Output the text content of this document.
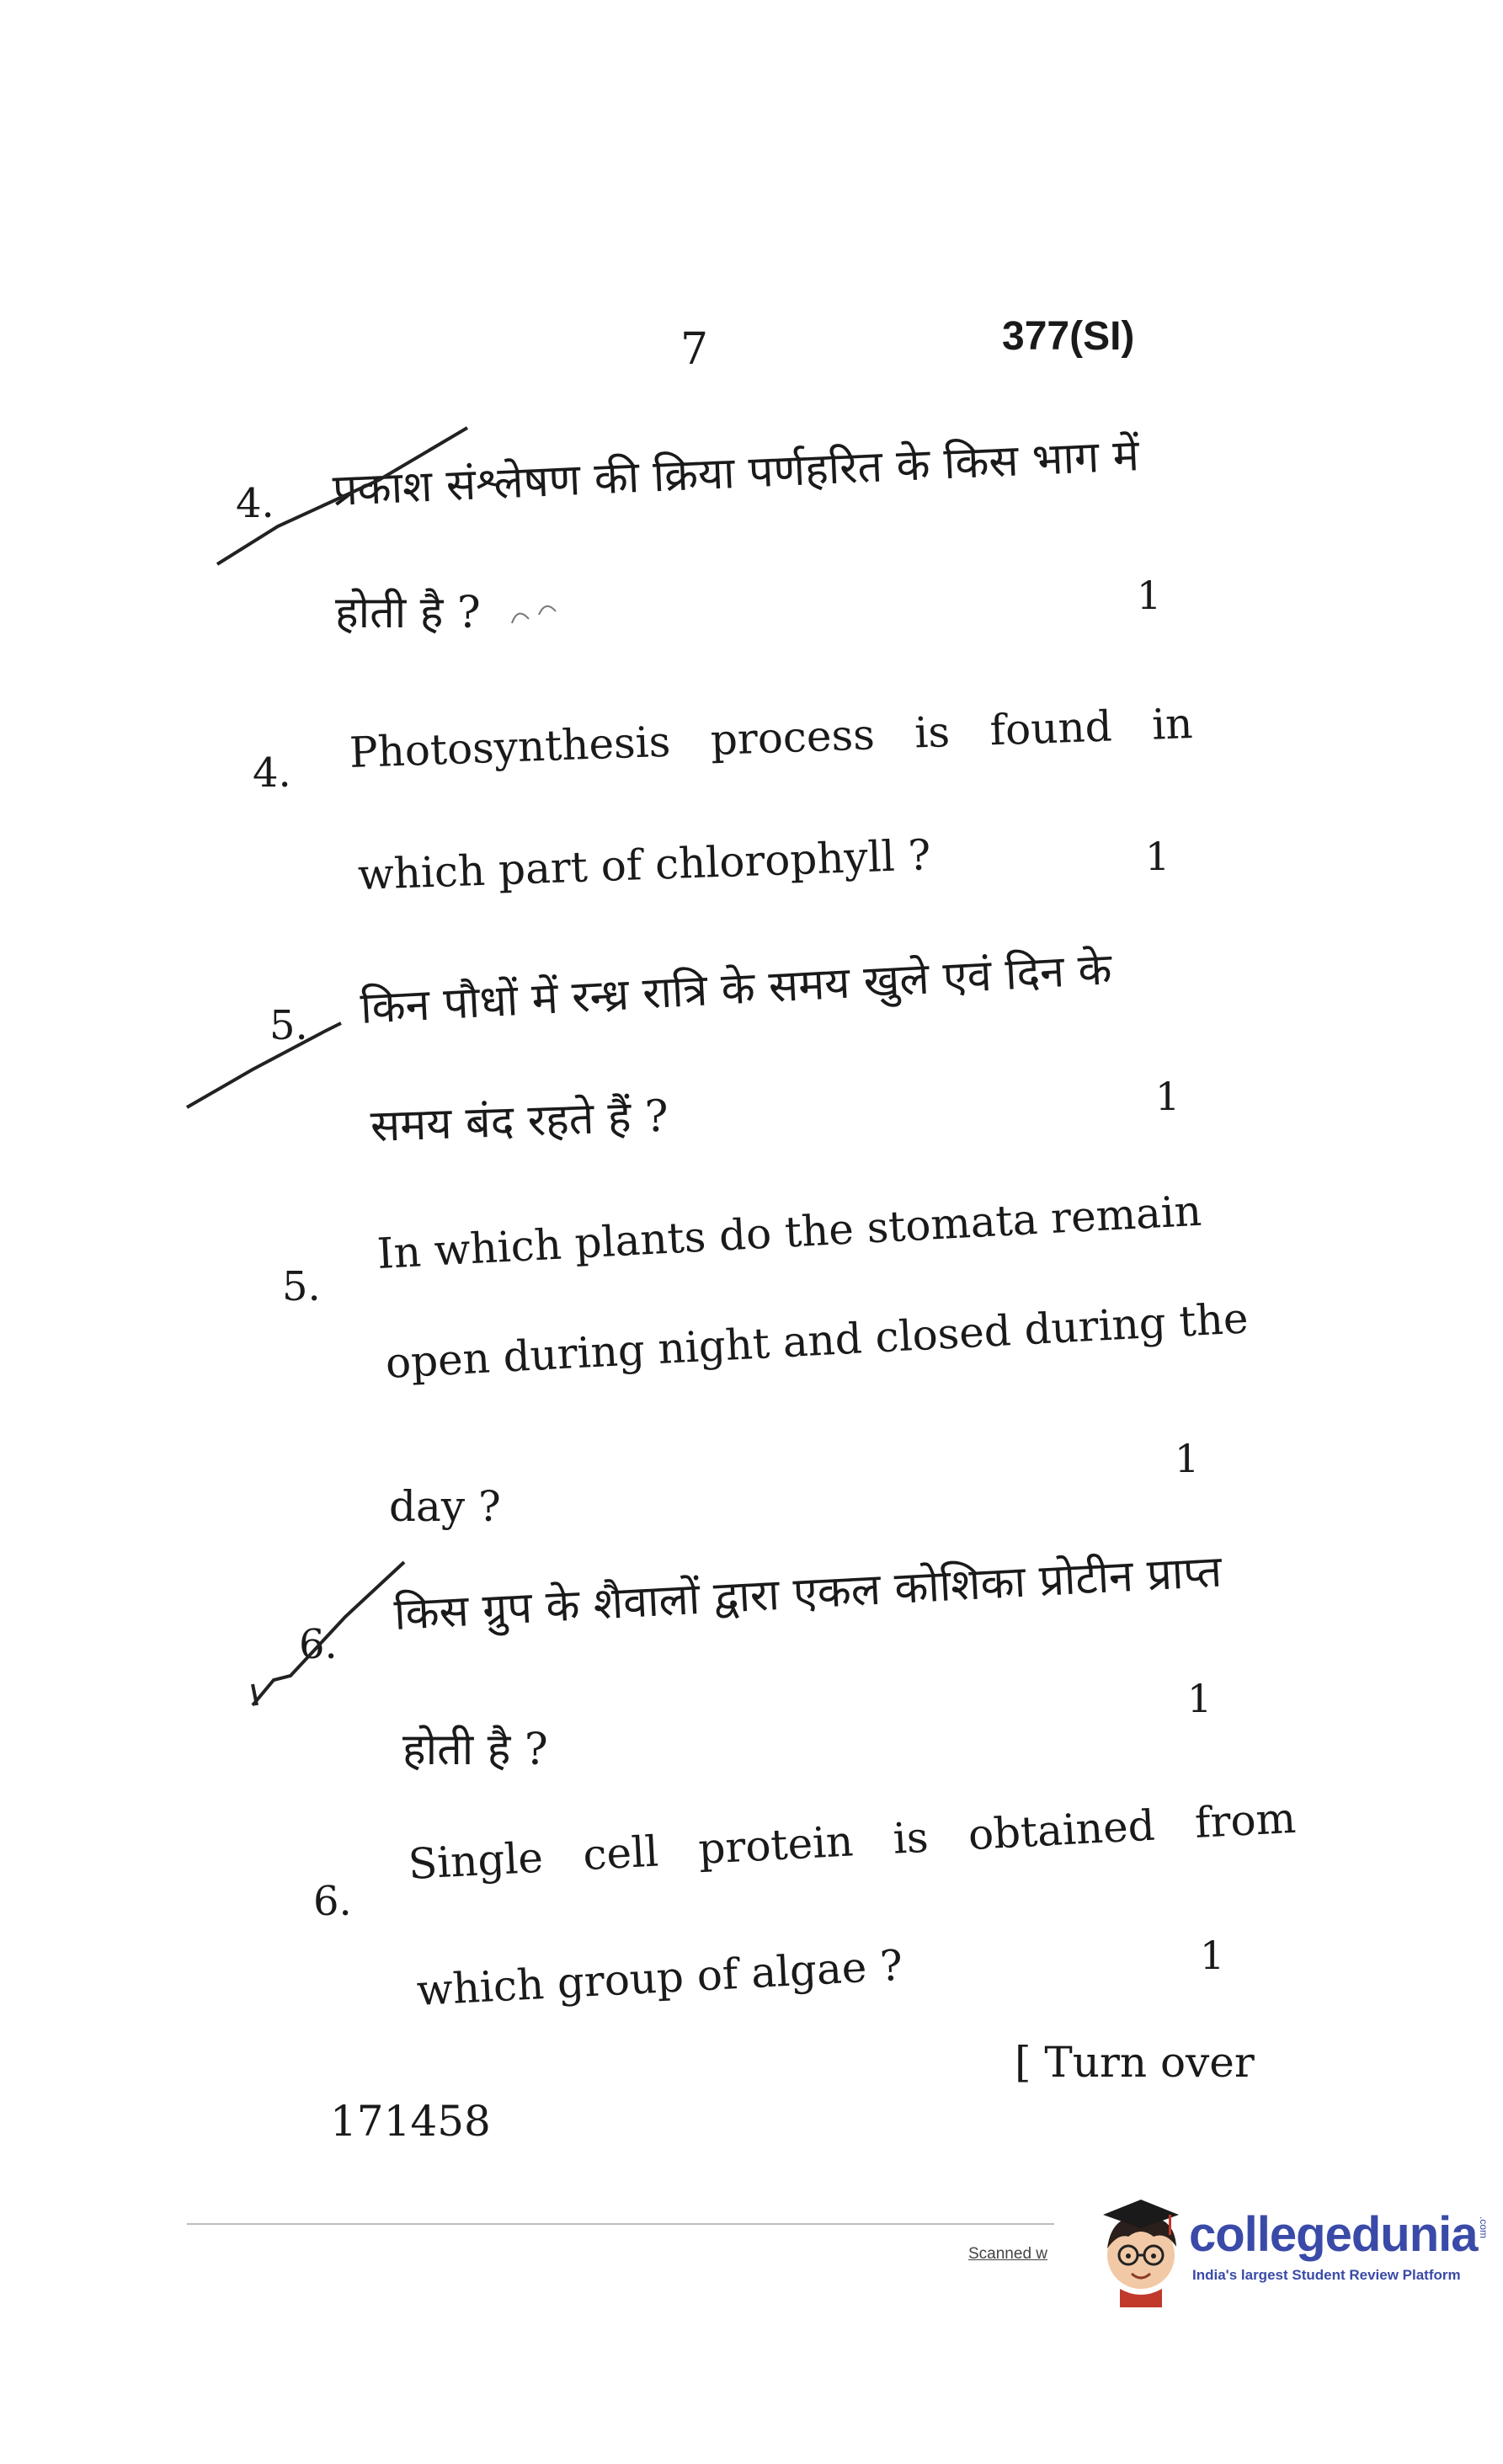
7	377(SI)
4. प्रकाश संश्लेषण की क्रिया पर्णहरित के किस भाग में
होती है ?	1
4. Photosynthesis   process   is   found   in
which part of chlorophyll ?	1
5. किन पौधों में रन्ध्र रात्रि के समय खुले एवं दिन के
समय बंद रहते हैं ?	1
5.
In which plants do the stomata remain
open during night and closed during the
day ?
1
6.
किस ग्रुप के शैवालों द्वारा एकल कोशिका प्रोटीन प्राप्त
होती है ?
1
6.
Single   cell   protein   is   obtained   from
which group of algae ?	1
[ Turn over
171458
Scanned w	collegedunia .com
India's largest Student Review Platform
